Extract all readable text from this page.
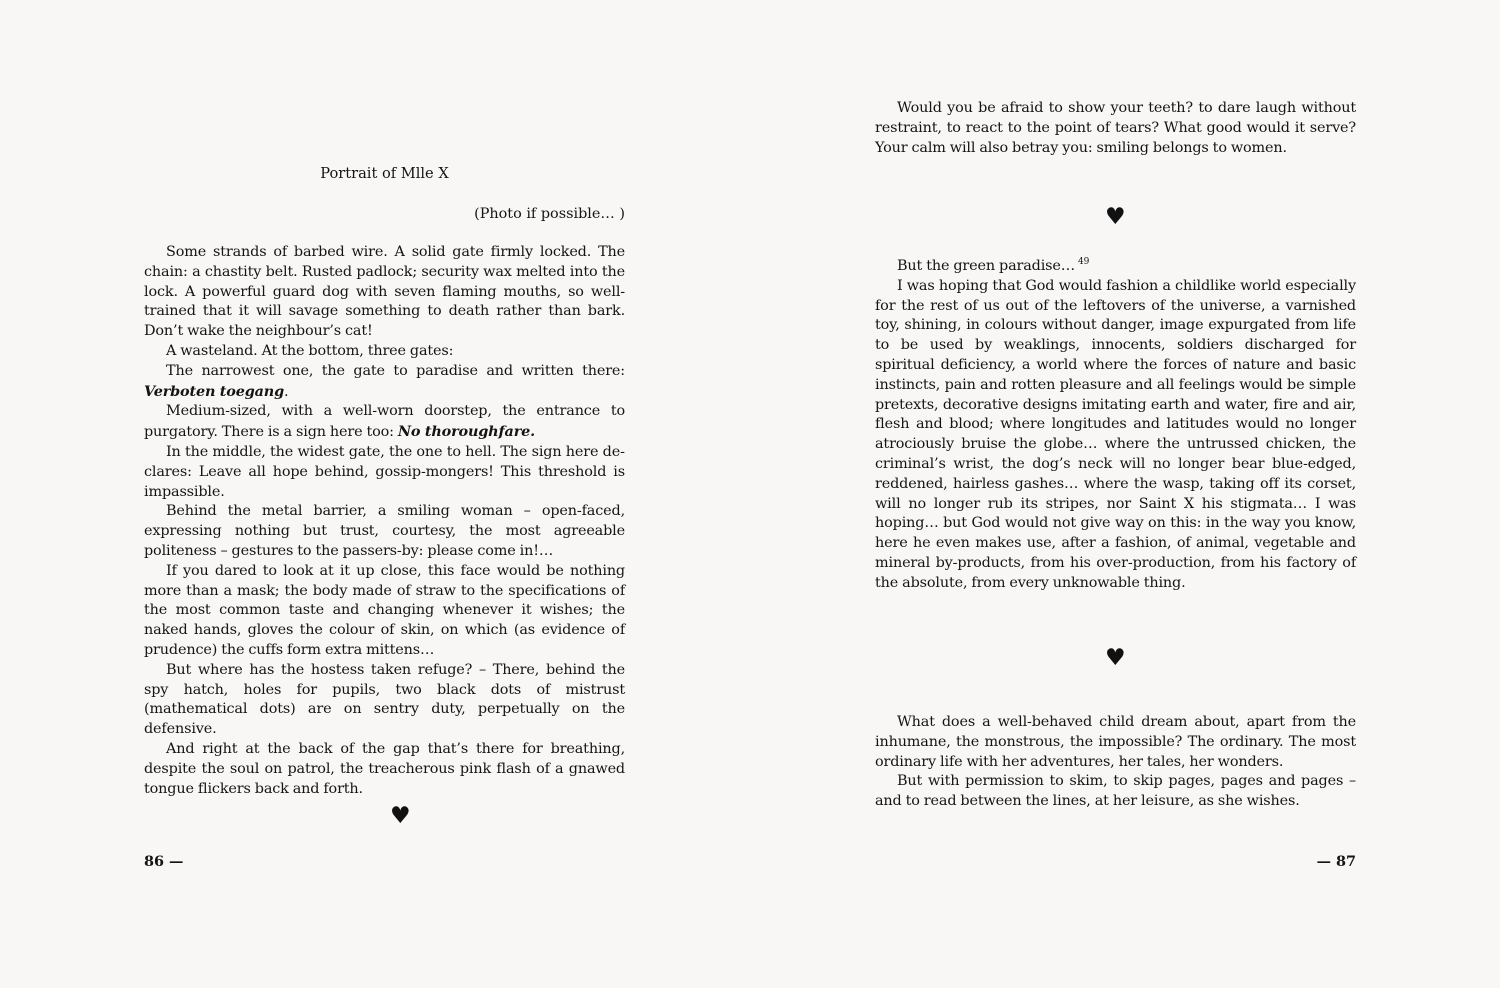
Portrait of Mlle X
(Photo if possible… )

Some strands of barbed wire. A solid gate firmly locked. The chain: a chastity belt. Rusted padlock; security wax melted into the lock. A powerful guard dog with seven flaming mouths, so well-trained that it will savage something to death rather than bark. Don’t wake the neighbour’s cat!

A wasteland. At the bottom, three gates:

The narrowest one, the gate to paradise and written there: Verboten toegang.

Medium-sized, with a well-worn doorstep, the entrance to purgatory. There is a sign here too: No thoroughfare.

In the middle, the widest gate, the one to hell. The sign here declares: Leave all hope behind, gossip-mongers! This threshold is impassible.

Behind the metal barrier, a smiling woman – open-faced, expressing nothing but trust, courtesy, the most agreeable politeness – gestures to the passers-by: please come in!…

If you dared to look at it up close, this face would be nothing more than a mask; the body made of straw to the specifications of the most common taste and changing whenever it wishes; the naked hands, gloves the colour of skin, on which (as evidence of prudence) the cuffs form extra mittens…

But where has the hostess taken refuge? – There, behind the spy hatch, holes for pupils, two black dots of mistrust (mathematical dots) are on sentry duty, perpetually on the defensive.

And right at the back of the gap that’s there for breathing, despite the soul on patrol, the treacherous pink flash of a gnawed tongue flickers back and forth.

♥
86 —

Would you be afraid to show your teeth? to dare laugh without restraint, to react to the point of tears? What good would it serve? Your calm will also betray you: smiling belongs to women.

♥

But the green paradise… $^{49}$

I was hoping that God would fashion a childlike world especially for the rest of us out of the leftovers of the universe, a varnished toy, shining, in colours without danger, image expurgated from life to be used by weaklings, innocents, soldiers discharged for spiritual deficiency, a world where the forces of nature and basic instincts, pain and rotten pleasure and all feelings would be simple pretexts, decorative designs imitating earth and water, fire and air, flesh and blood; where longitudes and latitudes would no longer atrociously bruise the globe… where the untrussed chicken, the criminal’s wrist, the dog’s neck will no longer bear blue-edged, reddened, hairless gashes… where the wasp, taking off its corset, will no longer rub its stripes, nor Saint X his stigmata… I was hoping… but God would not give way on this: in the way you know, here he even makes use, after a fashion, of animal, vegetable and mineral by-products, from his over-production, from his factory of the absolute, from every unknowable thing.

♥

What does a well-behaved child dream about, apart from the inhumane, the monstrous, the impossible? The ordinary. The most ordinary life with her adventures, her tales, her wonders.

But with permission to skim, to skip pages, pages and pages – and to read between the lines, at her leisure, as she wishes.

— 87
